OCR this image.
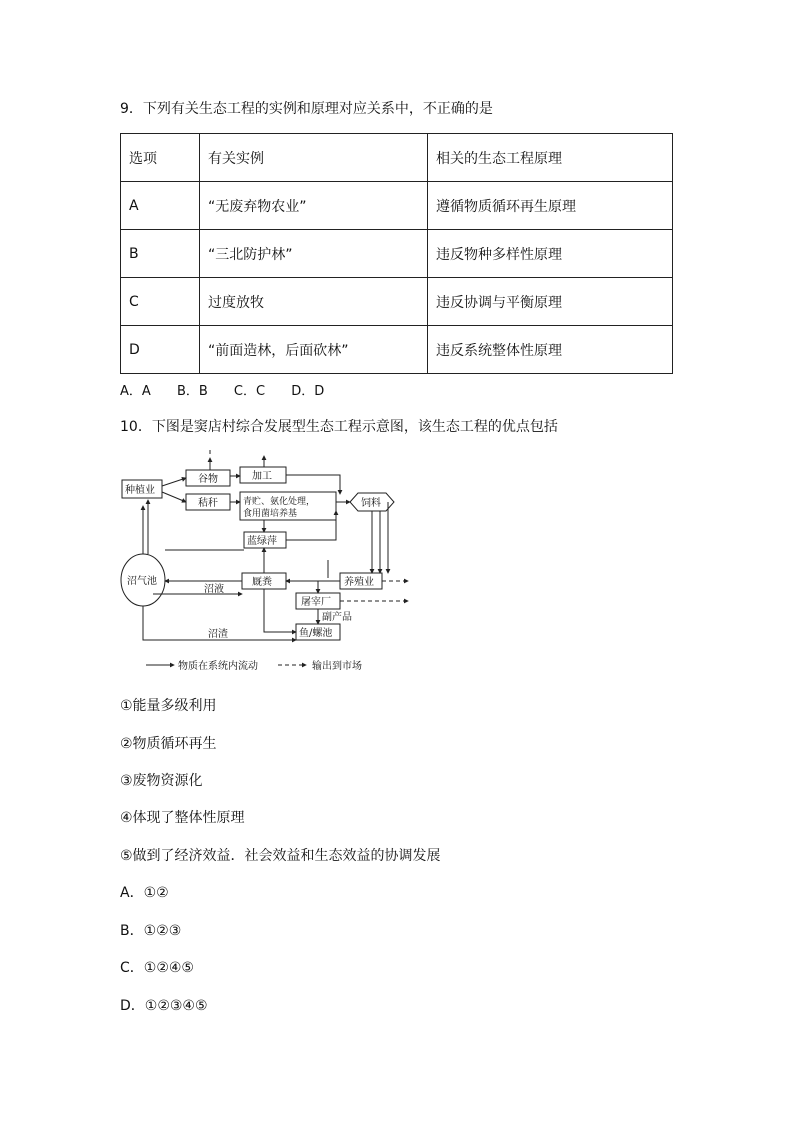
9．下列有关生态工程的实例和原理对应关系中，不正确的是
选项	有关实例	相关的生态工程原理
A	“无废弃物农业”	遵循物质循环再生原理
B	“三北防护林”	违反物种多样性原理
C	过度放牧	违反协调与平衡原理
D	“前面造林，后面砍林”	违反系统整体性原理
A．A B．B C．C D．D
10．下图是窦店村综合发展型生态工程示意图，该生态工程的优点包括
种植业
谷物	加工
秸秆	青贮、氨化处理，
食用菌培养基
饲料
蓝绿萍
沼气池	厩粪	养殖业
屠宰厂
鱼/螺池
沼液
沼渣
副产品
物质在系统内流动	输出到市场
①能量多级利用
②物质循环再生
③废物资源化
④体现了整体性原理
⑤做到了经济效益．社会效益和生态效益的协调发展
A．①②
B．①②③
C．①②④⑤
D．①②③④⑤
